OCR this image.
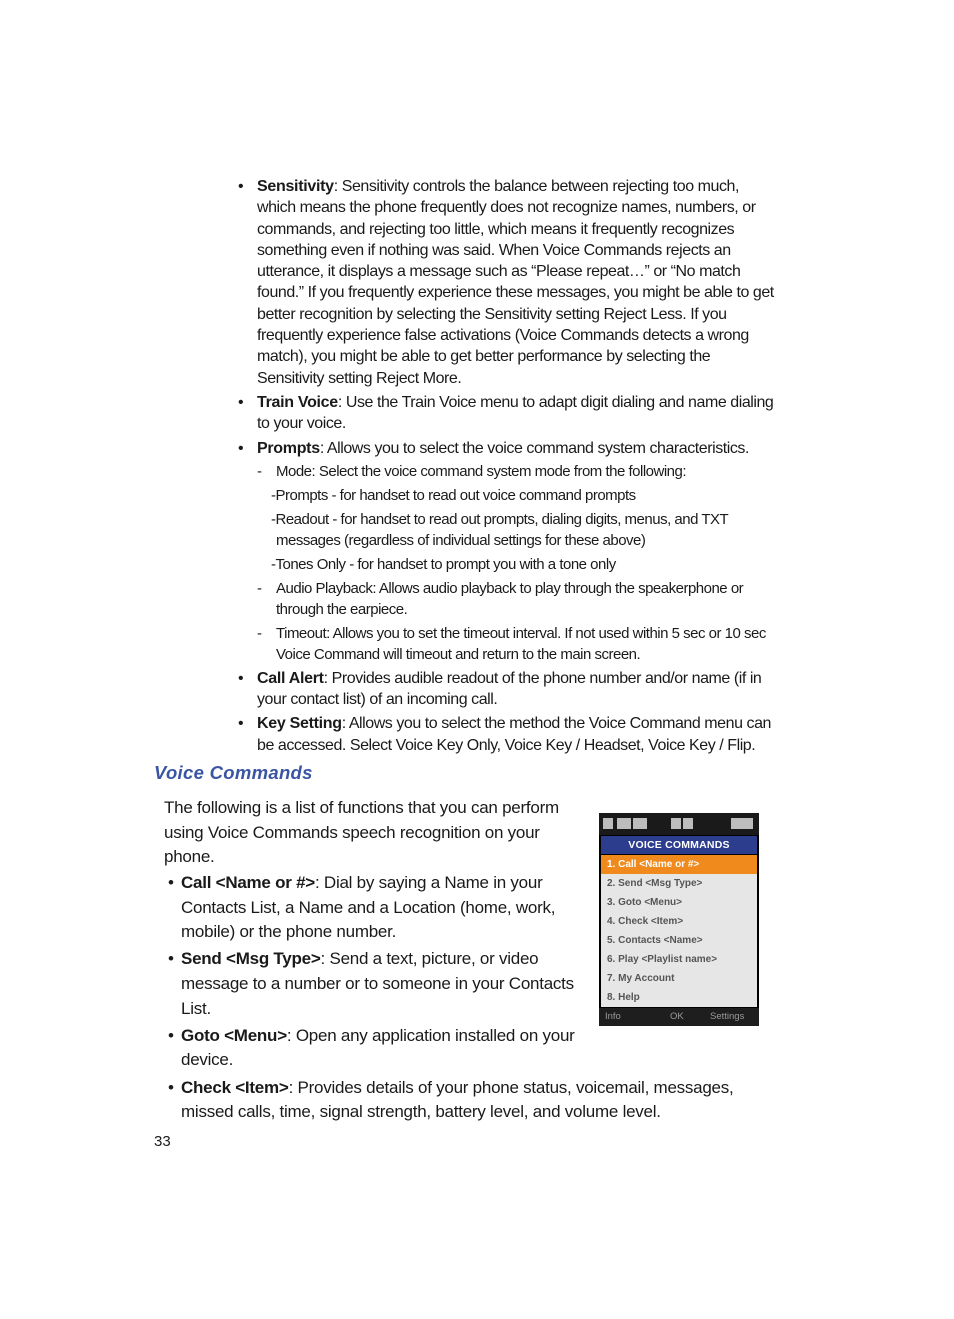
• Sensitivity: Sensitivity controls the balance between rejecting too much, which means the phone frequently does not recognize names, numbers, or commands, and rejecting too little, which means it frequently recognizes something even if nothing was said. When Voice Commands rejects an utterance, it displays a message such as “Please repeat…” or “No match found.” If you frequently experience these messages, you might be able to get better recognition by selecting the Sensitivity setting Reject Less. If you frequently experience false activations (Voice Commands detects a wrong match), you might be able to get better performance by selecting the Sensitivity setting Reject More.
• Train Voice: Use the Train Voice menu to adapt digit dialing and name dialing to your voice.
• Prompts: Allows you to select the voice command system characteristics.
- Mode: Select the voice command system mode from the following:
-Prompts - for handset to read out voice command prompts
-Readout - for handset to read out prompts, dialing digits, menus, and TXT messages (regardless of individual settings for these above)
-Tones Only - for handset to prompt you with a tone only
- Audio Playback: Allows audio playback to play through the speakerphone or through the earpiece.
- Timeout: Allows you to set the timeout interval. If not used within 5 sec or 10 sec Voice Command will timeout and return to the main screen.
• Call Alert: Provides audible readout of the phone number and/or name (if in your contact list) of an incoming call.
• Key Setting: Allows you to select the method the Voice Command menu can be accessed. Select Voice Key Only, Voice Key / Headset, Voice Key / Flip.
Voice Commands

The following is a list of functions that you can perform using Voice Commands speech recognition on your phone.

• Call <Name or #>: Dial by saying a Name in your Contacts List, a Name and a Location (home, work, mobile) or the phone number.
• Send <Msg Type>: Send a text, picture, or video message to a number or to someone in your Contacts List.
• Goto <Menu>: Open any application installed on your device.
• Check <Item>: Provides details of your phone status, voicemail, messages, missed calls, time, signal strength, battery level, and volume level.
VOICE COMMANDS
1. Call <Name or #>
2. Send <Msg Type>
3. Goto <Menu>
4. Check <Item>
5. Contacts <Name>
6. Play <Playlist name>
7. My Account
8. Help
Info	OK	Settings

33
